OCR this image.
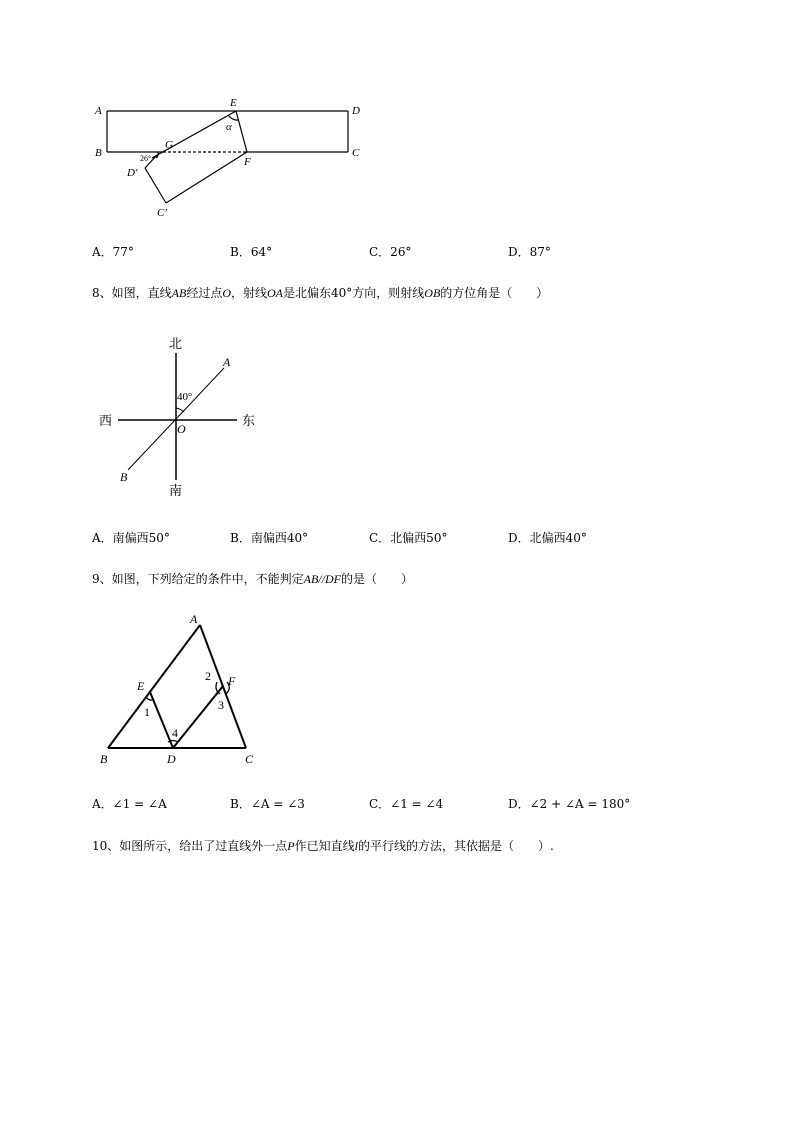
A
B
D
C
E
G
F
D′
C′
α
26°
A．77°	B．64°	C．26°	D．87°
8、如图，直线AB经过点O，射线OA是北偏东40°方向，则射线OB的方位角是（　　）
北
南
西	东
A
B
O
40°
A．南偏西50°	B．南偏西40°	C．北偏西50°	D．北偏西40°
9、如图，下列给定的条件中，不能判定AB//DF的是（　　）
A
B	C
D
E	F
1
2
3
4
A．∠1 = ∠A	B．∠A = ∠3	C．∠1 = ∠4	D．∠2 + ∠A = 180°
10、如图所示，给出了过直线外一点P作已知直线l的平行线的方法，其依据是（　　）.
